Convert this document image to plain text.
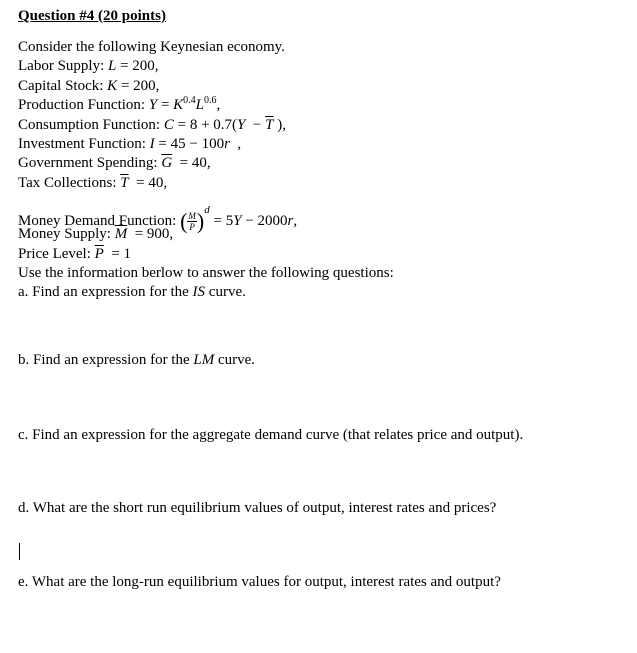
Question #4 (20 points)
Consider the following Keynesian economy.
Labor Supply: L = 200,
Capital Stock: K = 200,
Production Function: $Y = K^{0.4}L^{0.6}$,
Consumption Function: $C = 8 + 0.7(Y - \overline{T}$ ),
Investment Function: I = 45 − 100r  ,
Government Spending: $\overline{G} = 40$,
Tax Collections: $\overline{T} = 40$,
Money Demand Function: ( $\frac{M}{P} )^d = 5Y - 2000r$,
Money Supply: $\overline{M} = 900$,
Price Level: $\overline{P} = 1$
Use the information berlow to answer the following questions:
a. Find an expression for the IS curve.
b. Find an expression for the LM curve.
c. Find an expression for the aggregate demand curve (that relates price and output).
d. What are the short run equilibrium values of output, interest rates and prices?
e. What are the long-run equilibrium values for output, interest rates and output?
